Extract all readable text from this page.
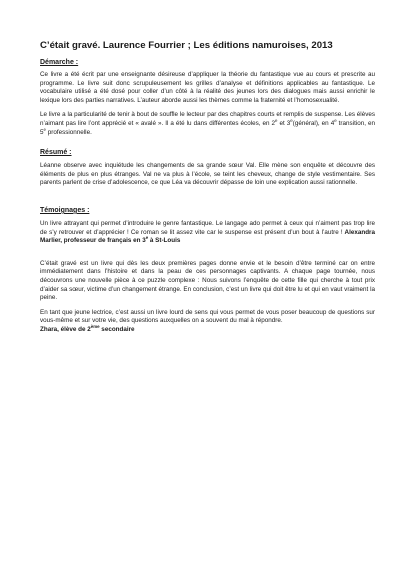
C’était gravé. Laurence Fourrier ; Les éditions namuroises, 2013
Démarche :

Ce livre a été écrit par une enseignante désireuse d’appliquer la théorie du fantastique vue au cours et prescrite au programme. Le livre suit donc scrupuleusement les grilles d’analyse et définitions applicables au fantastique. Le vocabulaire utilisé a été dosé pour coller d’un côté à la réalité des jeunes lors des dialogues mais aussi enrichir le lexique lors des parties narratives. L’auteur aborde aussi les thèmes comme la fraternité et l’homosexualité.

Le livre a la particularité de tenir à bout de souffle le lecteur par des chapitres courts et remplis de suspense. Les élèves n’aimant pas lire l’ont apprécié et « avalé ». Il a été lu dans différentes écoles, en 2e et 3e(général), en 4e transition, en 5e professionnelle.

Résumé :

Léanne observe avec inquiétude les changements de sa grande sœur Val. Elle mène son enquête et découvre des éléments de plus en plus étranges. Val ne va plus à l’école, se teint les cheveux, change de style vestimentaire. Ses parents parlent de crise d’adolescence, ce que Léa va découvrir dépasse de loin une explication aussi rationnelle.

Témoignages :

Un livre attrayant qui permet d’introduire le genre fantastique. Le langage ado permet à ceux qui n’aiment pas trop lire de s’y retrouver et d’apprécier ! Ce roman se lit assez vite car le suspense est présent d’un bout à l’autre ! Alexandra Marlier, professeur de français en 3e à St-Louis

C’était gravé est un livre qui dès les deux premières pages donne envie et le besoin d’être terminé car on entre immédiatement dans l’histoire et dans la peau de ces personnages captivants. A chaque page tournée, nous découvrons une nouvelle pièce à ce puzzle complexe : Nous suivons l’enquête de cette fille qui cherche à tout prix d’aider sa sœur, victime d’un changement étrange. En conclusion, c’est un livre qui doit être lu et qui en vaut vraiment la peine.

En tant que jeune lectrice, c’est aussi un livre lourd de sens qui vous permet de vous poser beaucoup de questions sur vous-même et sur votre vie, des questions auxquelles on a souvent du mal à répondre.

Zhara, élève de 2ème secondaire
